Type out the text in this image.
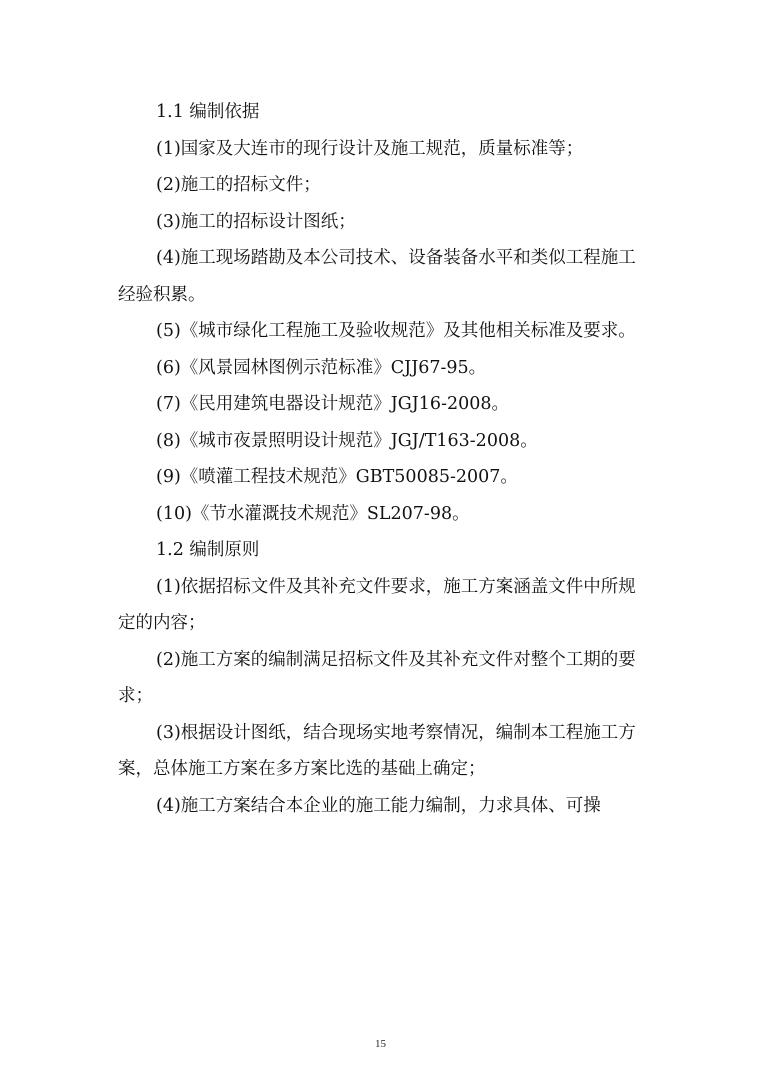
1.1 编制依据

(1)国家及大连市的现行设计及施工规范，质量标准等；

(2)施工的招标文件；

(3)施工的招标设计图纸；

(4)施工现场踏勘及本公司技术、设备装备水平和类似工程施工经验积累。

(5)《城市绿化工程施工及验收规范》及其他相关标准及要求。

(6)《风景园林图例示范标准》CJJ67-95。

(7)《民用建筑电器设计规范》JGJ16-2008。

(8)《城市夜景照明设计规范》JGJ/T163-2008。

(9)《喷灌工程技术规范》GBT50085-2007。

(10)《节水灌溉技术规范》SL207-98。

1.2 编制原则

(1)依据招标文件及其补充文件要求，施工方案涵盖文件中所规定的内容；

(2)施工方案的编制满足招标文件及其补充文件对整个工期的要求；

(3)根据设计图纸，结合现场实地考察情况，编制本工程施工方案，总体施工方案在多方案比选的基础上确定；

(4)施工方案结合本企业的施工能力编制，力求具体、可操

15
